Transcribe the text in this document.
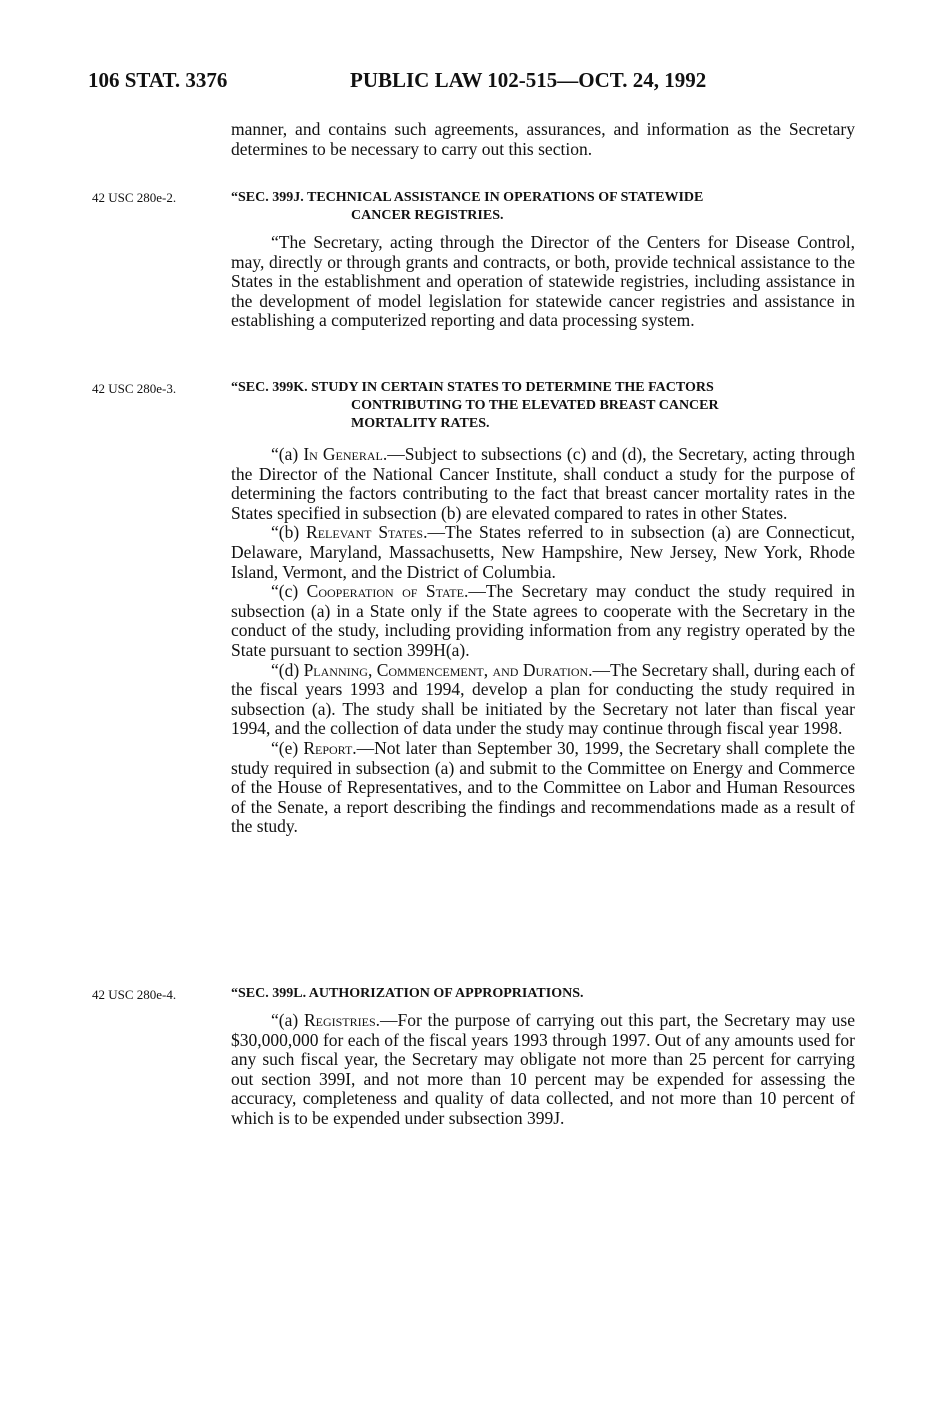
106 STAT. 3376	PUBLIC LAW 102-515—OCT. 24, 1992

manner, and contains such agreements, assurances, and information as the Secretary determines to be necessary to carry out this section.

42 USC 280e-2.	“SEC. 399J. TECHNICAL ASSISTANCE IN OPERATIONS OF STATEWIDE
CANCER REGISTRIES.

“The Secretary, acting through the Director of the Centers for Disease Control, may, directly or through grants and contracts, or both, provide technical assistance to the States in the establishment and operation of statewide registries, including assistance in the development of model legislation for statewide cancer registries and assistance in establishing a computerized reporting and data processing system.

42 USC 280e-3.	“SEC. 399K. STUDY IN CERTAIN STATES TO DETERMINE THE FACTORS
CONTRIBUTING TO THE ELEVATED BREAST CANCER
MORTALITY RATES.

“(a) In General.—Subject to subsections (c) and (d), the Secretary, acting through the Director of the National Cancer Institute, shall conduct a study for the purpose of determining the factors contributing to the fact that breast cancer mortality rates in the States specified in subsection (b) are elevated compared to rates in other States.

“(b) Relevant States.—The States referred to in subsection (a) are Connecticut, Delaware, Maryland, Massachusetts, New Hampshire, New Jersey, New York, Rhode Island, Vermont, and the District of Columbia.

“(c) Cooperation of State.—The Secretary may conduct the study required in subsection (a) in a State only if the State agrees to cooperate with the Secretary in the conduct of the study, including providing information from any registry operated by the State pursuant to section 399H(a).

“(d) Planning, Commencement, and Duration.—The Secretary shall, during each of the fiscal years 1993 and 1994, develop a plan for conducting the study required in subsection (a). The study shall be initiated by the Secretary not later than fiscal year 1994, and the collection of data under the study may continue through fiscal year 1998.

“(e) Report.—Not later than September 30, 1999, the Secretary shall complete the study required in subsection (a) and submit to the Committee on Energy and Commerce of the House of Representatives, and to the Committee on Labor and Human Resources of the Senate, a report describing the findings and recommendations made as a result of the study.

42 USC 280e-4.	“SEC. 399L. AUTHORIZATION OF APPROPRIATIONS.

“(a) Registries.—For the purpose of carrying out this part, the Secretary may use $30,000,000 for each of the fiscal years 1993 through 1997. Out of any amounts used for any such fiscal year, the Secretary may obligate not more than 25 percent for carrying out section 399I, and not more than 10 percent may be expended for assessing the accuracy, completeness and quality of data collected, and not more than 10 percent of which is to be expended under subsection 399J.
